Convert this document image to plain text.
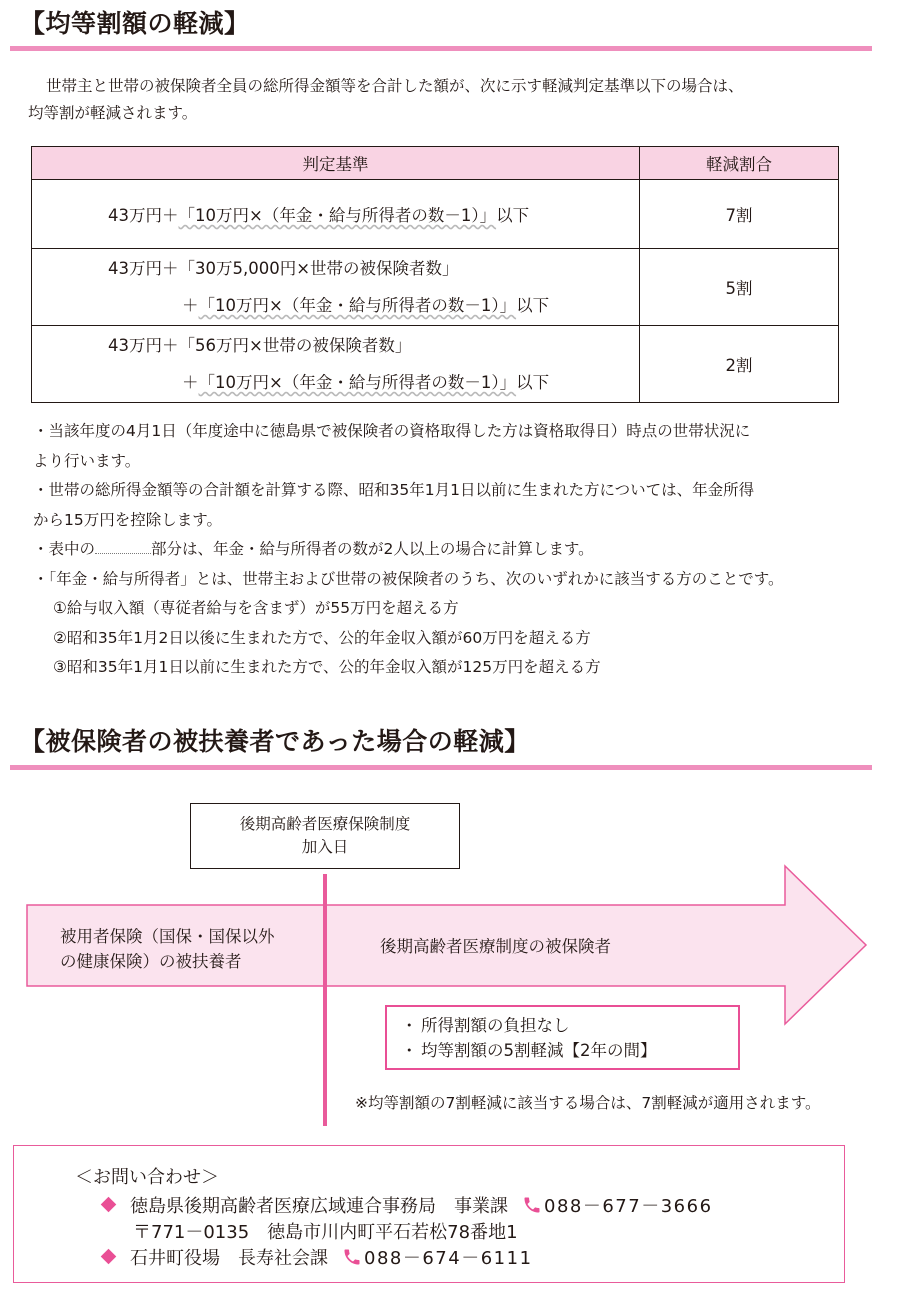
【均等割額の軽減】
世帯主と世帯の被保険者全員の総所得金額等を合計した額が、次に示す軽減判定基準以下の場合は、
均等割が軽減されます。
判定基準	軽減割合
43万円＋「10万円×（年金・給与所得者の数－1）」以下	7割

43万円＋「30万5,000円×世帯の被保険者数」
＋「10万円×（年金・給与所得者の数－1）」以下	5割

43万円＋「56万円×世帯の被保険者数」
＋「10万円×（年金・給与所得者の数－1）」以下	2割
・当該年度の4月1日（年度途中に徳島県で被保険者の資格取得した方は資格取得日）時点の世帯状況に
より行います。
・世帯の総所得金額等の合計額を計算する際、昭和35年1月1日以前に生まれた方については、年金所得
から15万円を控除します。
・表中の	部分は、年金・給与所得者の数が2人以上の場合に計算します。
・「年金・給与所得者」とは、世帯主および世帯の被保険者のうち、次のいずれかに該当する方のことです。
①給与収入額（専従者給与を含まず）が55万円を超える方
②昭和35年1月2日以後に生まれた方で、公的年金収入額が60万円を超える方
③昭和35年1月1日以前に生まれた方で、公的年金収入額が125万円を超える方
【被保険者の被扶養者であった場合の軽減】
後期高齢者医療保険制度
加入日
被用者保険（国保・国保以外
の健康保険）の被扶養者
後期高齢者医療制度の被保険者
・ 所得割額の負担なし
・ 均等割額の5割軽減【2年の間】
※均等割額の7割軽減に該当する場合は、7割軽減が適用されます。
＜お問い合わせ＞
徳島県後期高齢者医療広域連合事務局　事業課 088－677－3666
〒771－0135　徳島市川内町平石若松78番地1
石井町役場　長寿社会課 088－674－6111
